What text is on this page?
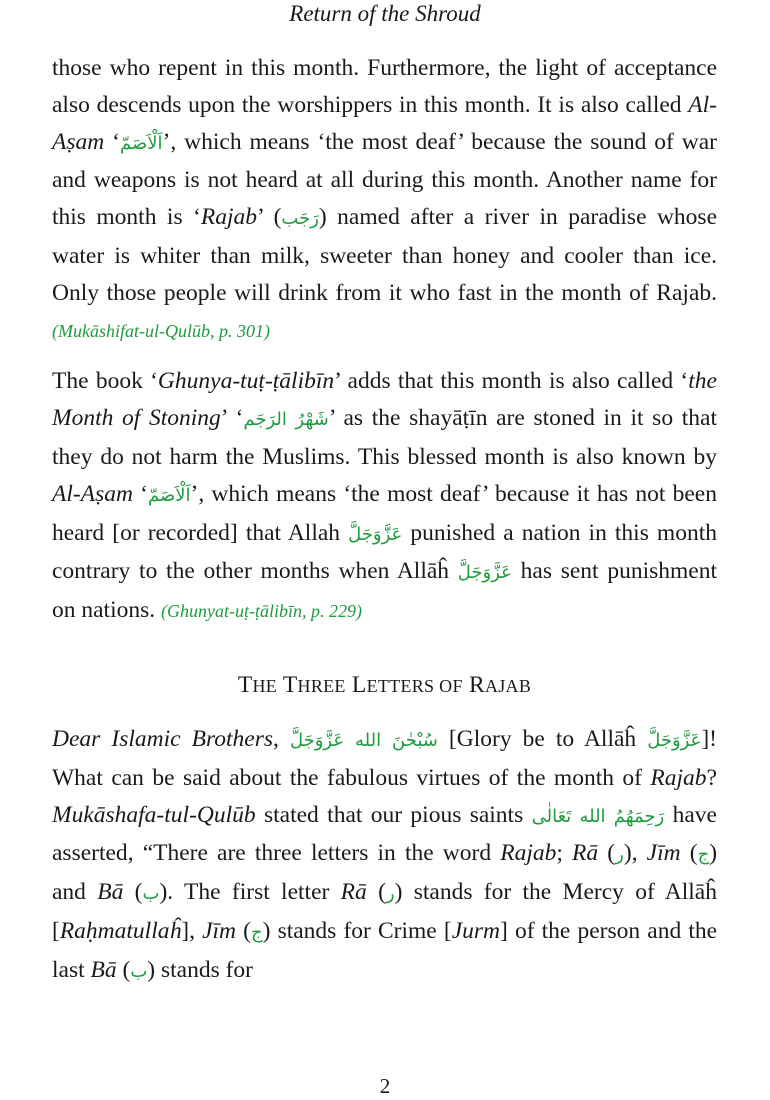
Return of the Shroud

those who repent in this month. Furthermore, the light of acceptance also descends upon the worshippers in this month. It is also called Al-Aṣam ‘اَلْاَصَمّ’, which means ‘the most deaf’ because the sound of war and weapons is not heard at all during this month. Another name for this month is ‘Rajab’ (رَجَب) named after a river in paradise whose water is whiter than milk, sweeter than honey and cooler than ice. Only those people will drink from it who fast in the month of Rajab. (Mukāshifat-ul-Qulūb, p. 301)

The book ‘Ghunya-tuṭ-ṭālibīn’ adds that this month is also called ‘the Month of Stoning’ ‘شَهْرُ الرَجَم’ as the shayāṭīn are stoned in it so that they do not harm the Muslims. This blessed month is also known by Al-Aṣam ‘اَلْاَصَمّ’, which means ‘the most deaf’ because it has not been heard [or recorded] that Allah عَزَّوَجَلَّ punished a nation in this month contrary to the other months when Allāĥ عَزَّوَجَلَّ has sent punishment on nations. (Ghunyat-uṭ-ṭālibīn, p. 229)

THE THREE LETTERS OF RAJAB

Dear Islamic Brothers, سُبْحٰنَ الله عَزَّوَجَلَّ [Glory be to Allāĥ عَزَّوَجَلَّ]! What can be said about the fabulous virtues of the month of Rajab? Mukāshafa-tul-Qulūb stated that our pious saints رَحِمَهُمُ الله تَعَالٰى have asserted, “There are three letters in the word Rajab; Rā (ر), Jīm (ج) and Bā (ب). The first letter Rā (ر) stands for the Mercy of Allāĥ [Raḥmatullaĥ], Jīm (ج) stands for Crime [Jurm] of the person and the last Bā (ب) stands for

2
